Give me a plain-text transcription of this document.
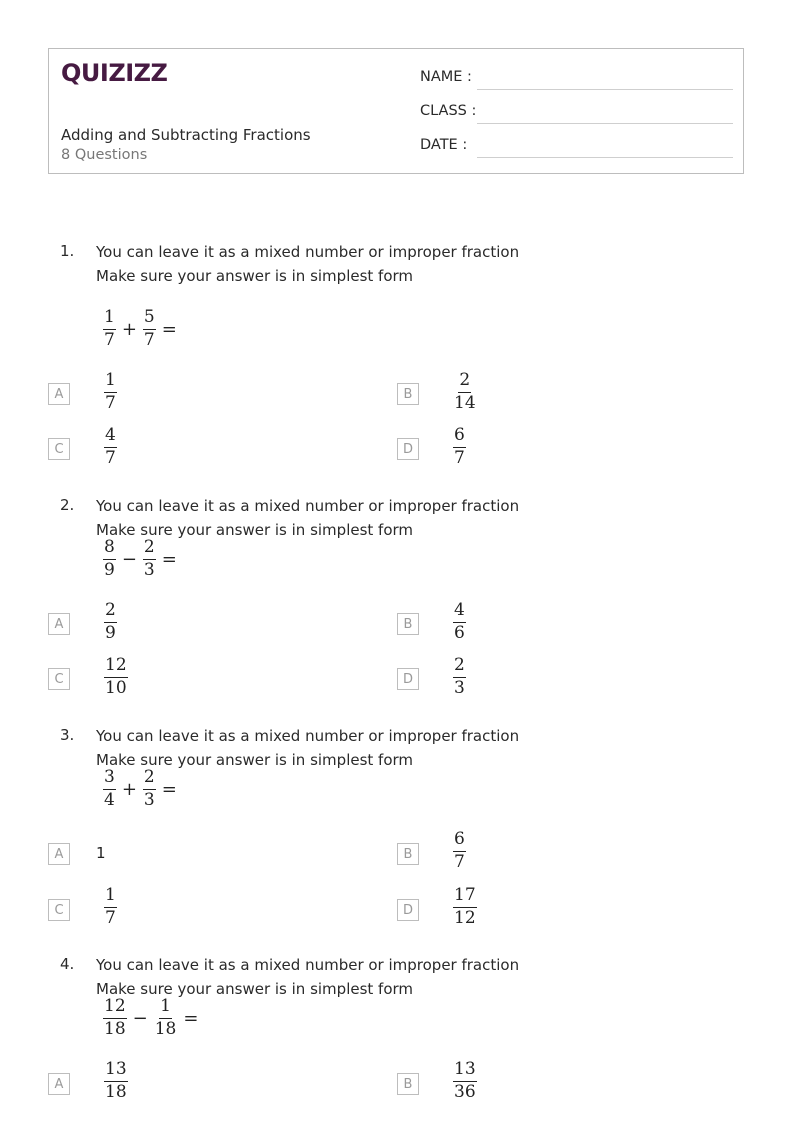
QUIZIZZ
Adding and Subtracting Fractions
8 Questions
NAME :
CLASS :
DATE :
1. You can leave it as a mixed number or improper fraction
Make sure your answer is in simplest form
$\frac{1}{7} + \frac{5}{7}$ =
A	$\frac{1}{7}$	B	$\frac{2}{14}$
C	$\frac{4}{7}$	D	$\frac{6}{7}$
2. You can leave it as a mixed number or improper fraction
Make sure your answer is in simplest form
$\frac{8}{9} - \frac{2}{3}$ =
A	$\frac{2}{9}$	B	$\frac{4}{6}$
C	$\frac{12}{10}$	D	$\frac{2}{3}$
3. You can leave it as a mixed number or improper fraction
Make sure your answer is in simplest form
$\frac{3}{4} + \frac{2}{3}$ =
A	1	B	$\frac{6}{7}$
C	$\frac{1}{7}$	D	$\frac{17}{12}$
4. You can leave it as a mixed number or improper fraction
Make sure your answer is in simplest form
$\frac{12}{18} - \frac{1}{18}$ =
A	$\frac{13}{18}$	B	$\frac{13}{36}$
